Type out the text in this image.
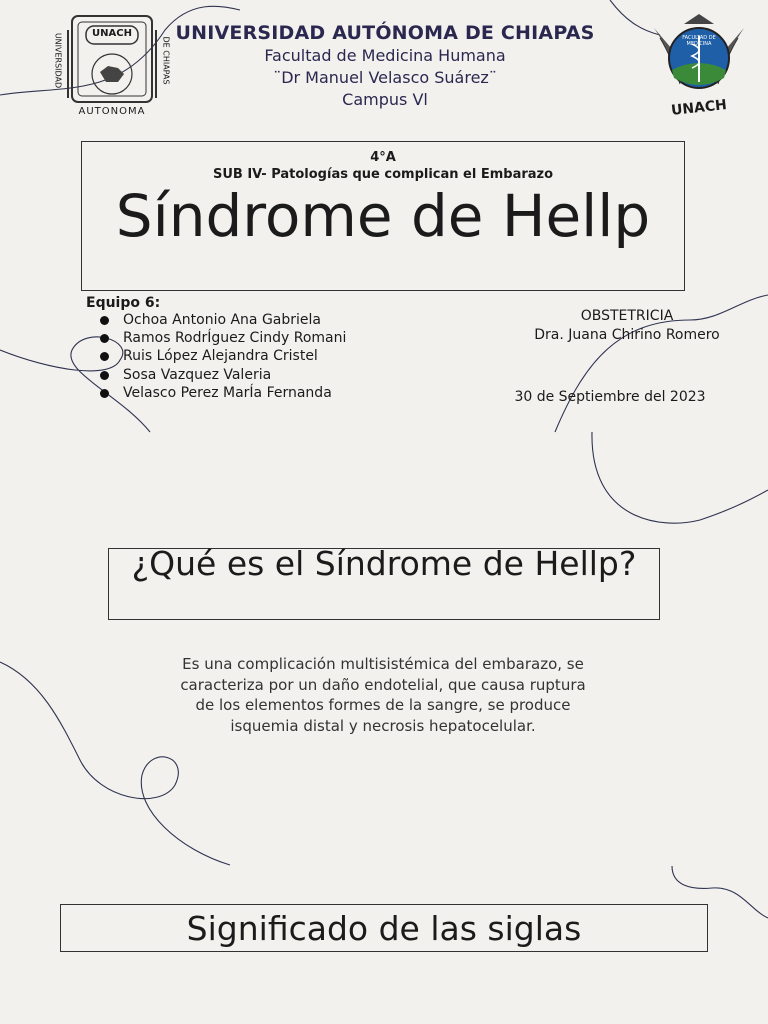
UNACH
UNIVERSIDAD	DE CHIAPAS
AUTONOMA
FACULTAD DE MEDICINA
UNACH
UNIVERSIDAD AUTÓNOMA DE CHIAPAS
Facultad de Medicina Humana
¨Dr Manuel Velasco Suárez¨
Campus Vl
4°A
SUB IV- Patologías que complican el Embarazo
Síndrome de Hellp
Equipo 6:
Ochoa Antonio Ana Gabriela
Ramos RodrÍguez Cindy Romani
Ruis López Alejandra Cristel
Sosa Vazquez Valeria
Velasco Perez MarÍa Fernanda
OBSTETRICIA
Dra. Juana Chirino Romero
30 de Septiembre del 2023
¿Qué es el Síndrome de Hellp?
Es una complicación multisistémica del embarazo, se caracteriza por un daño endotelial, que causa ruptura de los elementos formes de la sangre, se produce isquemia distal y necrosis hepatocelular.
Significado de las siglas
